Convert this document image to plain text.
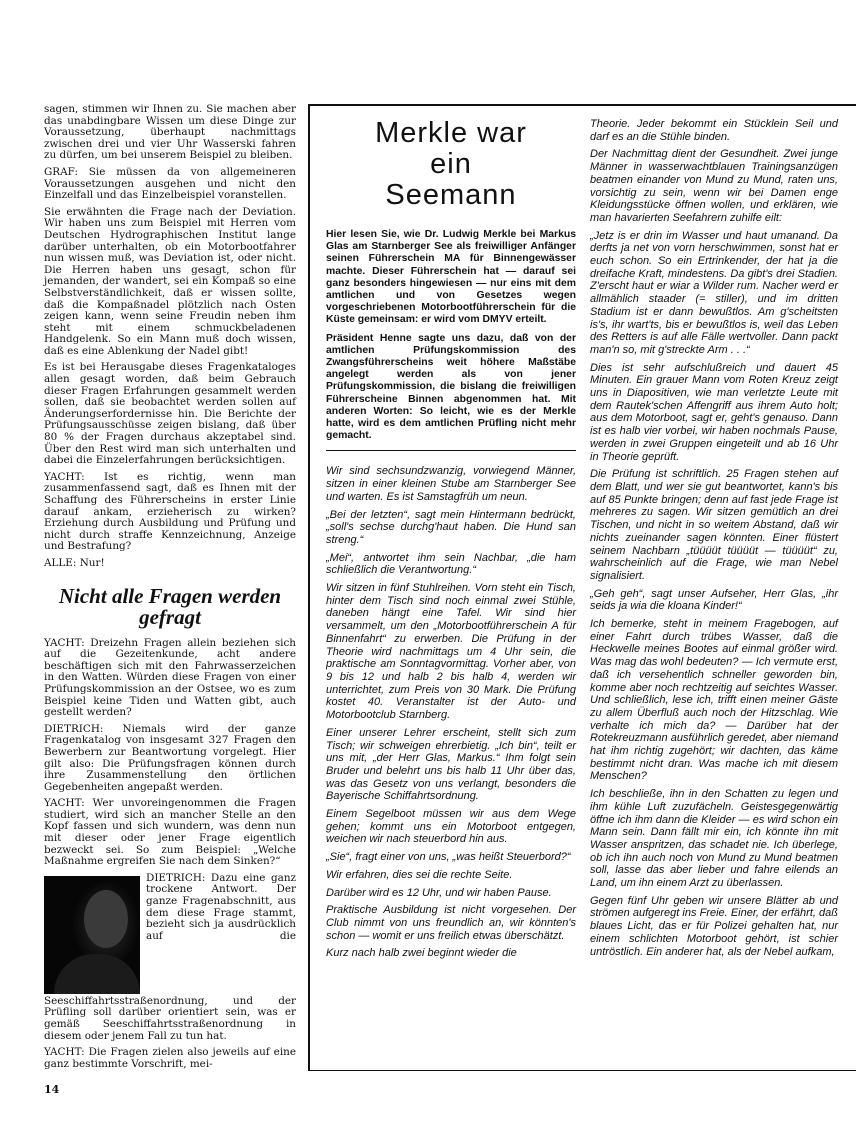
sagen, stimmen wir Ihnen zu. Sie machen aber das unabdingbare Wissen um diese Dinge zur Voraussetzung, überhaupt nachmittags zwischen drei und vier Uhr Wasserski fahren zu dürfen, um bei unserem Beispiel zu bleiben.

GRAF: Sie müssen da von allgemeineren Voraussetzungen ausgehen und nicht den Einzelfall und das Einzelbeispiel voranstellen.

Sie erwähnten die Frage nach der Deviation. Wir haben uns zum Beispiel mit Herren vom Deutschen Hydrographischen Institut lange darüber unterhalten, ob ein Motorbootfahrer nun wissen muß, was Deviation ist, oder nicht. Die Herren haben uns gesagt, schon für jemanden, der wandert, sei ein Kompaß so eine Selbstverständlichkeit, daß er wissen sollte, daß die Kompaßnadel plötzlich nach Osten zeigen kann, wenn seine Freudin neben ihm steht mit einem schmuckbeladenen Handgelenk. So ein Mann muß doch wissen, daß es eine Ablenkung der Nadel gibt!

Es ist bei Herausgabe dieses Fragenkataloges allen gesagt worden, daß beim Gebrauch dieser Fragen Erfahrungen gesammelt werden sollen, daß sie beobachtet werden sollen auf Änderungserfordernisse hin. Die Berichte der Prüfungsausschüsse zeigen bislang, daß über 80 % der Fragen durchaus akzeptabel sind. Über den Rest wird man sich unterhalten und dabei die Einzelerfahrungen berücksichtigen.

YACHT: Ist es richtig, wenn man zusammenfassend sagt, daß es Ihnen mit der Schaffung des Führerscheins in erster Linie darauf ankam, erzieherisch zu wirken? Erziehung durch Ausbildung und Prüfung und nicht durch straffe Kennzeichnung, Anzeige und Bestrafung?

ALLE: Nur!

Nicht alle Fragen werden gefragt

YACHT: Dreizehn Fragen allein beziehen sich auf die Gezeitenkunde, acht andere beschäftigen sich mit den Fahrwasserzeichen in den Watten. Würden diese Fragen von einer Prüfungskommission an der Ostsee, wo es zum Beispiel keine Tiden und Watten gibt, auch gestellt werden?

DIETRICH: Niemals wird der ganze Fragenkatalog von insgesamt 327 Fragen den Bewerbern zur Beantwortung vorgelegt. Hier gilt also: Die Prüfungsfragen können durch ihre Zusammenstellung den örtlichen Gegebenheiten angepaßt werden.

YACHT: Wer unvoreingenommen die Fragen studiert, wird sich an mancher Stelle an den Kopf fassen und sich wundern, was denn nun mit dieser oder jener Frage eigentlich bezweckt sei. So zum Beispiel: „Welche Maßnahme ergreifen Sie nach dem Sinken?“

DIETRICH: Dazu eine ganz trockene Antwort. Der ganze Fragenabschnitt, aus dem diese Frage stammt, bezieht sich ja ausdrücklich auf die Seeschiffahrtsstraßenordnung, und der Prüfling soll darüber orientiert sein, was er gemäß Seeschiffahrtsstraßenordnung in diesem oder jenem Fall zu tun hat.

YACHT: Die Fragen zielen also jeweils auf eine ganz bestimmte Vorschrift, mei-

14
Merkle war
ein
Seemann

Hier lesen Sie, wie Dr. Ludwig Merkle bei Markus Glas am Starnberger See als freiwilliger Anfänger seinen Führerschein MA für Binnengewässer machte. Dieser Führerschein hat — darauf sei ganz besonders hingewiesen — nur eins mit dem amtlichen und von Gesetzes wegen vorgeschriebenen Motorbootführerschein für die Küste gemeinsam: er wird vom DMYV erteilt.

Präsident Henne sagte uns dazu, daß von der amtlichen Prüfungskommission des Zwangsführerscheins weit höhere Maßstäbe angelegt werden als von jener Prüfungskommission, die bislang die freiwilligen Führerscheine Binnen abgenommen hat. Mit anderen Worten: So leicht, wie es der Merkle hatte, wird es dem amtlichen Prüfling nicht mehr gemacht.

Wir sind sechsundzwanzig, vorwiegend Männer, sitzen in einer kleinen Stube am Starnberger See und warten. Es ist Samstagfrüh um neun.

„Bei der letzten“, sagt mein Hintermann bedrückt, „soll's sechse durchg'haut haben. Die Hund san streng.“

„Mei“, antwortet ihm sein Nachbar, „die ham schließlich die Verantwortung.“

Wir sitzen in fünf Stuhlreihen. Vorn steht ein Tisch, hinter dem Tisch sind noch einmal zwei Stühle, daneben hängt eine Tafel. Wir sind hier versammelt, um den „Motorbootführerschein A für Binnenfahrt“ zu erwerben. Die Prüfung in der Theorie wird nachmittags um 4 Uhr sein, die praktische am Sonntagvormittag. Vorher aber, von 9 bis 12 und halb 2 bis halb 4, werden wir unterrichtet, zum Preis von 30 Mark. Die Prüfung kostet 40. Veranstalter ist der Auto- und Motorbootclub Starnberg.

Einer unserer Lehrer erscheint, stellt sich zum Tisch; wir schweigen ehrerbietig. „Ich bin“, teilt er uns mit, „der Herr Glas, Markus.“ Ihm folgt sein Bruder und belehrt uns bis halb 11 Uhr über das, was das Gesetz von uns verlangt, besonders die Bayerische Schiffahrtsordnung.

Einem Segelboot müssen wir aus dem Wege gehen; kommt uns ein Motorboot entgegen, weichen wir nach steuerbord hin aus.

„Sie“, fragt einer von uns, „was heißt Steuerbord?“

Wir erfahren, dies sei die rechte Seite.

Darüber wird es 12 Uhr, und wir haben Pause.

Praktische Ausbildung ist nicht vorgesehen. Der Club nimmt von uns freundlich an, wir könnten's schon — womit er uns freilich etwas überschätzt.

Kurz nach halb zwei beginnt wieder die

Theorie. Jeder bekommt ein Stücklein Seil und darf es an die Stühle binden.

Der Nachmittag dient der Gesundheit. Zwei junge Männer in wasserwachtblauen Trainingsanzügen beatmen einander von Mund zu Mund, raten uns, vorsichtig zu sein, wenn wir bei Damen enge Kleidungsstücke öffnen wollen, und erklären, wie man havarierten Seefahrern zuhilfe eilt:

„Jetz is er drin im Wasser und haut umanand. Da derfts ja net von vorn herschwimmen, sonst hat er euch schon. So ein Ertrinkender, der hat ja die dreifache Kraft, mindestens. Da gibt's drei Stadien. Z'erscht haut er wiar a Wilder rum. Nacher werd er allmählich staader (= stiller), und im dritten Stadium ist er dann bewußtlos. Am g'scheitsten is's, ihr wart'ts, bis er bewußtlos is, weil das Leben des Retters is auf alle Fälle wertvoller. Dann packt man'n so, mit g'streckte Arm . . .“

Dies ist sehr aufschlußreich und dauert 45 Minuten. Ein grauer Mann vom Roten Kreuz zeigt uns in Diapositiven, wie man verletzte Leute mit dem Rautek'schen Affengriff aus ihrem Auto holt; aus dem Motorboot, sagt er, geht's genauso. Dann ist es halb vier vorbei, wir haben nochmals Pause, werden in zwei Gruppen eingeteilt und ab 16 Uhr in Theorie geprüft.

Die Prüfung ist schriftlich. 25 Fragen stehen auf dem Blatt, und wer sie gut beantwortet, kann's bis auf 85 Punkte bringen; denn auf fast jede Frage ist mehreres zu sagen. Wir sitzen gemütlich an drei Tischen, und nicht in so weitem Abstand, daß wir nichts zueinander sagen könnten. Einer flüstert seinem Nachbarn „tüüüüt tüüüüt — tüüüüt“ zu, wahrscheinlich auf die Frage, wie man Nebel signalisiert.

„Geh geh“, sagt unser Aufseher, Herr Glas, „ihr seids ja wia die kloana Kinder!“

Ich bemerke, steht in meinem Fragebogen, auf einer Fahrt durch trübes Wasser, daß die Heckwelle meines Bootes auf einmal größer wird. Was mag das wohl bedeuten? — Ich vermute erst, daß ich versehentlich schneller geworden bin, komme aber noch rechtzeitig auf seichtes Wasser. Und schließlich, lese ich, trifft einen meiner Gäste zu allem Überfluß auch noch der Hitzschlag. Wie verhalte ich mich da? — Darüber hat der Rotekreuzmann ausführlich geredet, aber niemand hat ihm richtig zugehört; wir dachten, das käme bestimmt nicht dran. Was mache ich mit diesem Menschen?

Ich beschließe, ihn in den Schatten zu legen und ihm kühle Luft zuzufächeln. Geistesgegenwärtig öffne ich ihm dann die Kleider — es wird schon ein Mann sein. Dann fällt mir ein, ich könnte ihn mit Wasser anspritzen, das schadet nie. Ich überlege, ob ich ihn auch noch von Mund zu Mund beatmen soll, lasse das aber lieber und fahre eilends an Land, um ihn einem Arzt zu überlassen.

Gegen fünf Uhr geben wir unsere Blätter ab und strömen aufgeregt ins Freie. Einer, der erfährt, daß blaues Licht, das er für Polizei gehalten hat, nur einem schlichten Motorboot gehört, ist schier untröstlich. Ein anderer hat, als der Nebel aufkam,
